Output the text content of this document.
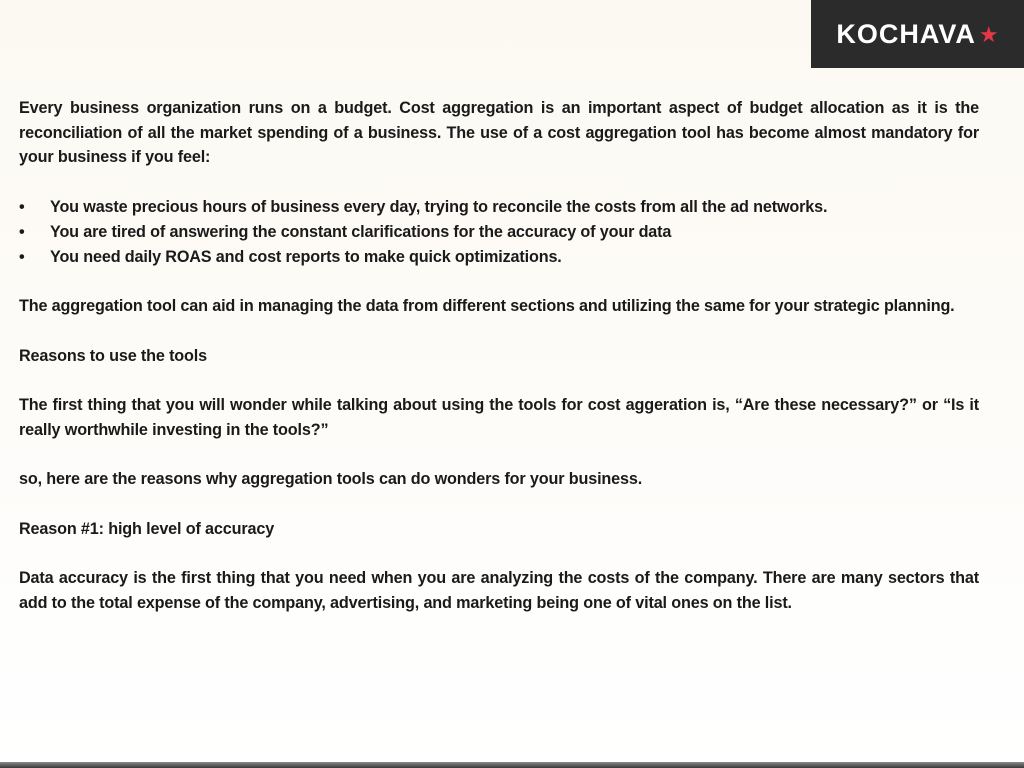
KOCHAVA ★

Every business organization runs on a budget. Cost aggregation is an important aspect of budget allocation as it is the reconciliation of all the market spending of a business. The use of a cost aggregation tool has become almost mandatory for your business if you feel:

• You waste precious hours of business every day, trying to reconcile the costs from all the ad networks.
• You are tired of answering the constant clarifications for the accuracy of your data
• You need daily ROAS and cost reports to make quick optimizations.

The aggregation tool can aid in managing the data from different sections and utilizing the same for your strategic planning.

Reasons to use the tools

The first thing that you will wonder while talking about using the tools for cost aggeration is, “Are these necessary?” or “Is it really worthwhile investing in the tools?”

so, here are the reasons why aggregation tools can do wonders for your business.

Reason #1: high level of accuracy

Data accuracy is the first thing that you need when you are analyzing the costs of the company. There are many sectors that add to the total expense of the company, advertising, and marketing being one of vital ones on the list.
